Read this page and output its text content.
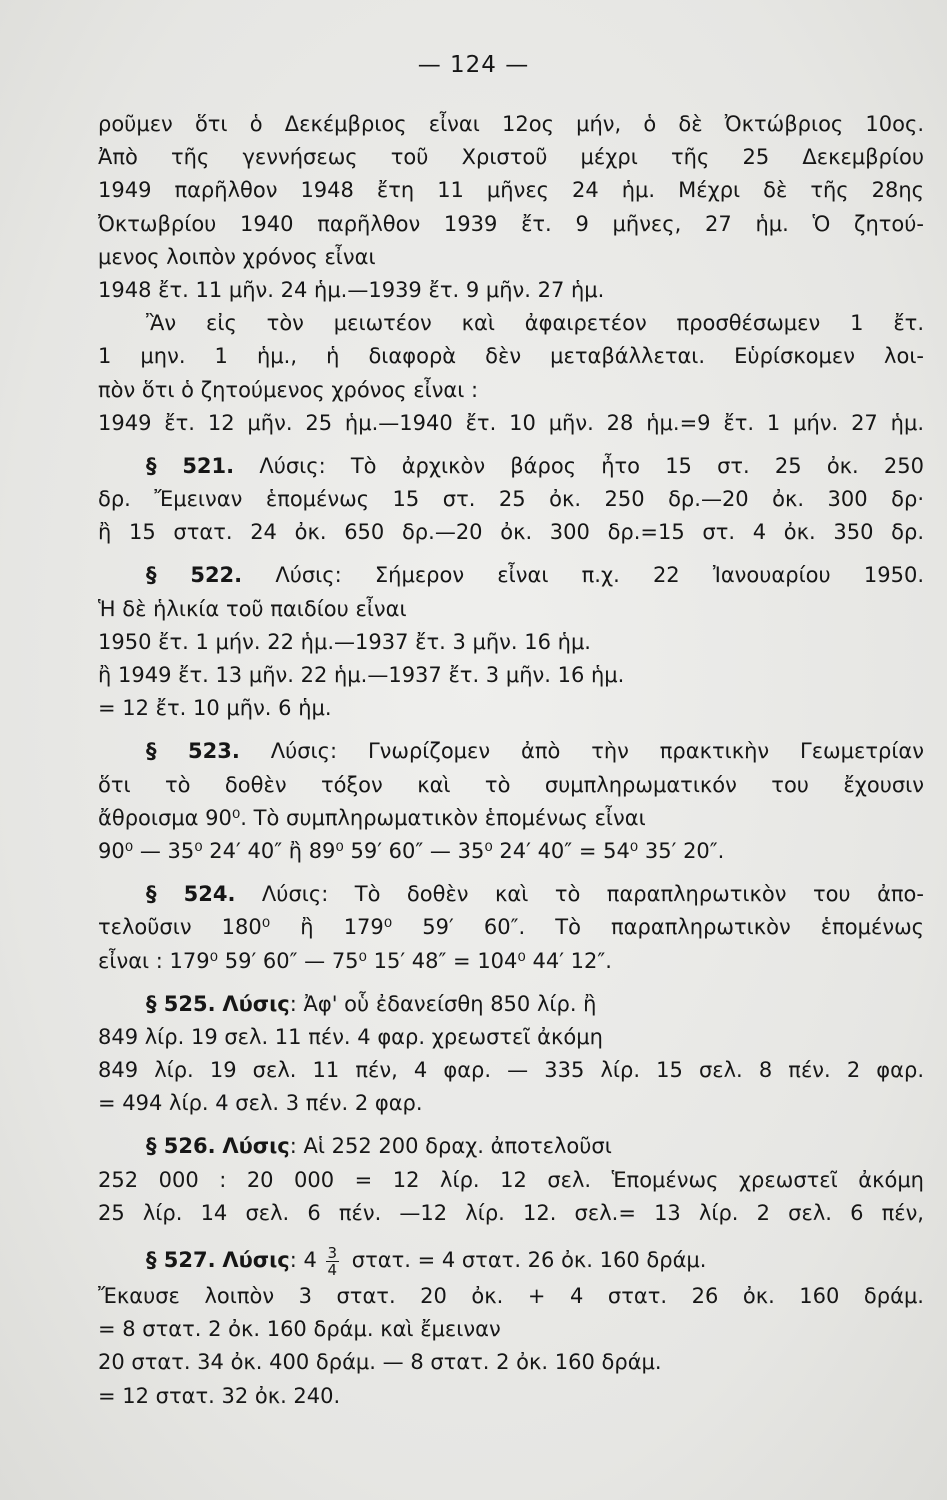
— 124 —
ροῦμεν ὅτι ὁ Δεκέμβριος εἶναι 12ος μήν, ὁ δὲ Ὀκτώβριος 10ος.
Ἀπὸ τῆς γεννήσεως τοῦ Χριστοῦ μέχρι τῆς 25 Δεκεμβρίου
1949 παρῆλθον 1948 ἔτη 11 μῆνες 24 ἡμ. Μέχρι δὲ τῆς 28ης
Ὀκτωβρίου 1940 παρῆλθον 1939 ἔτ. 9 μῆνες, 27 ἡμ. Ὁ ζητού-
μενος λοιπὸν χρόνος εἶναι
1948 ἔτ. 11 μῆν. 24 ἡμ.—1939 ἔτ. 9 μῆν. 27 ἡμ.
Ἂν εἰς τὸν μειωτέον καὶ ἀφαιρετέον προσθέσωμεν 1 ἔτ.
1 μην. 1 ἡμ., ἡ διαφορὰ δὲν μεταβάλλεται. Εὑρίσκομεν λοι-
πὸν ὅτι ὁ ζητούμενος χρόνος εἶναι :
1949 ἔτ. 12 μῆν. 25 ἡμ.—1940 ἔτ. 10 μῆν. 28 ἡμ.=9 ἔτ. 1 μήν. 27 ἡμ.
§ 521. Λύσις: Τὸ ἀρχικὸν βάρος ἦτο 15 στ. 25 ὀκ. 250
δρ. Ἔμειναν ἑπομένως 15 στ. 25 ὀκ. 250 δρ.—20 ὀκ. 300 δρ·
ἢ 15 στατ. 24 ὀκ. 650 δρ.—20 ὀκ. 300 δρ.=15 στ. 4 ὀκ. 350 δρ.
§ 522. Λύσις: Σήμερον εἶναι π.χ. 22 Ἰανουαρίου 1950.
Ἡ δὲ ἡλικία τοῦ παιδίου εἶναι
1950 ἔτ. 1 μήν. 22 ἡμ.—1937 ἔτ. 3 μῆν. 16 ἡμ.
ἢ 1949 ἔτ. 13 μῆν. 22 ἡμ.—1937 ἔτ. 3 μῆν. 16 ἡμ.
= 12 ἔτ. 10 μῆν. 6 ἡμ.
§ 523. Λύσις: Γνωρίζομεν ἀπὸ τὴν πρακτικὴν Γεωμετρίαν
ὅτι τὸ δοθὲν τόξον καὶ τὸ συμπληρωματικόν του ἔχουσιν
ἄθροισμα 90⁰. Τὸ συμπληρωματικὸν ἑπομένως εἶναι
90⁰ — 35⁰ 24′ 40″ ἢ 89⁰ 59′ 60″ — 35⁰ 24′ 40″ = 54⁰ 35′ 20″.
§ 524. Λύσις: Τὸ δοθὲν καὶ τὸ παραπληρωτικὸν του ἀπο-
τελοῦσιν 180⁰ ἢ 179⁰ 59′ 60″. Τὸ παραπληρωτικὸν ἑπομένως
εἶναι : 179⁰ 59′ 60″ — 75⁰ 15′ 48″ = 104⁰ 44′ 12″.
§ 525. Λύσις: Ἀφ' οὗ ἐδανείσθη 850 λίρ. ἢ
849 λίρ. 19 σελ. 11 πέν. 4 φαρ. χρεωστεῖ ἀκόμη
849 λίρ. 19 σελ. 11 πέν, 4 φαρ. — 335 λίρ. 15 σελ. 8 πέν. 2 φαρ.
= 494 λίρ. 4 σελ. 3 πέν. 2 φαρ.
§ 526. Λύσις: Αἱ 252 200 δραχ. ἀποτελοῦσι
252 000 : 20 000 = 12 λίρ. 12 σελ. Ἑπομένως χρεωστεῖ ἀκόμη
25 λίρ. 14 σελ. 6 πέν. —12 λίρ. 12. σελ.= 13 λίρ. 2 σελ. 6 πέν,
§ 527. Λύσις: $4 \frac{3}{4} \sigma\tau\alpha\tau$. = 4 στατ. 26 ὀκ. 160 δράμ.
Ἔκαυσε λοιπὸν 3 στατ. 20 ὀκ. + 4 στατ. 26 ὀκ. 160 δράμ.
= 8 στατ. 2 ὀκ. 160 δράμ. καὶ ἔμειναν
20 στατ. 34 ὀκ. 400 δράμ. — 8 στατ. 2 ὀκ. 160 δράμ.
= 12 στατ. 32 ὀκ. 240.
